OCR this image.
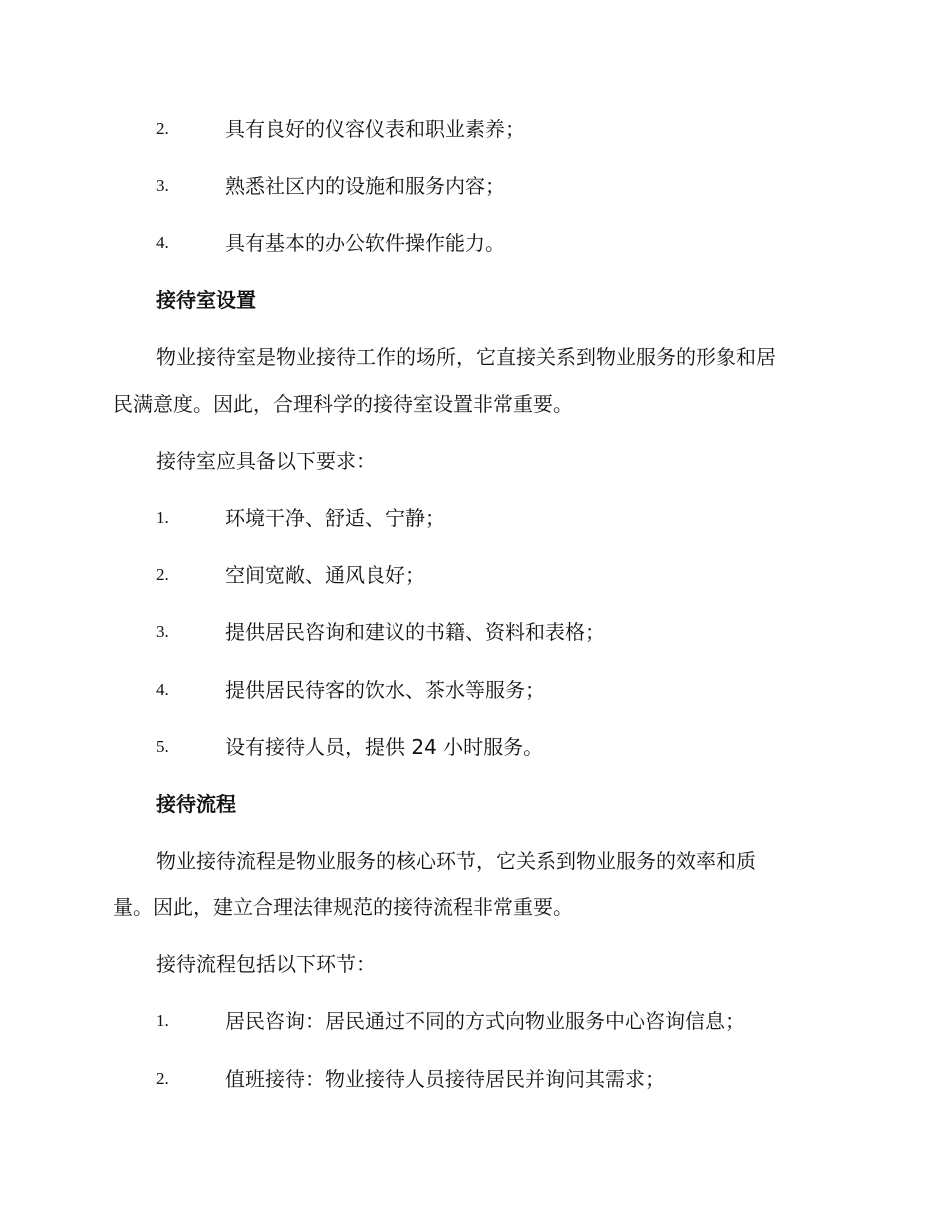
2.	具有良好的仪容仪表和职业素养；
3.	熟悉社区内的设施和服务内容；
4.	具有基本的办公软件操作能力。
接待室设置
物业接待室是物业接待工作的场所，它直接关系到物业服务的形象和居
民满意度。因此，合理科学的接待室设置非常重要。
接待室应具备以下要求：
1.	环境干净、舒适、宁静；
2.	空间宽敞、通风良好；
3.	提供居民咨询和建议的书籍、资料和表格；
4.	提供居民待客的饮水、茶水等服务；
5.	设有接待人员，提供 24 小时服务。
接待流程
物业接待流程是物业服务的核心环节，它关系到物业服务的效率和质
量。因此，建立合理法律规范的接待流程非常重要。
接待流程包括以下环节：
1.	居民咨询：居民通过不同的方式向物业服务中心咨询信息；
2.	值班接待：物业接待人员接待居民并询问其需求；
